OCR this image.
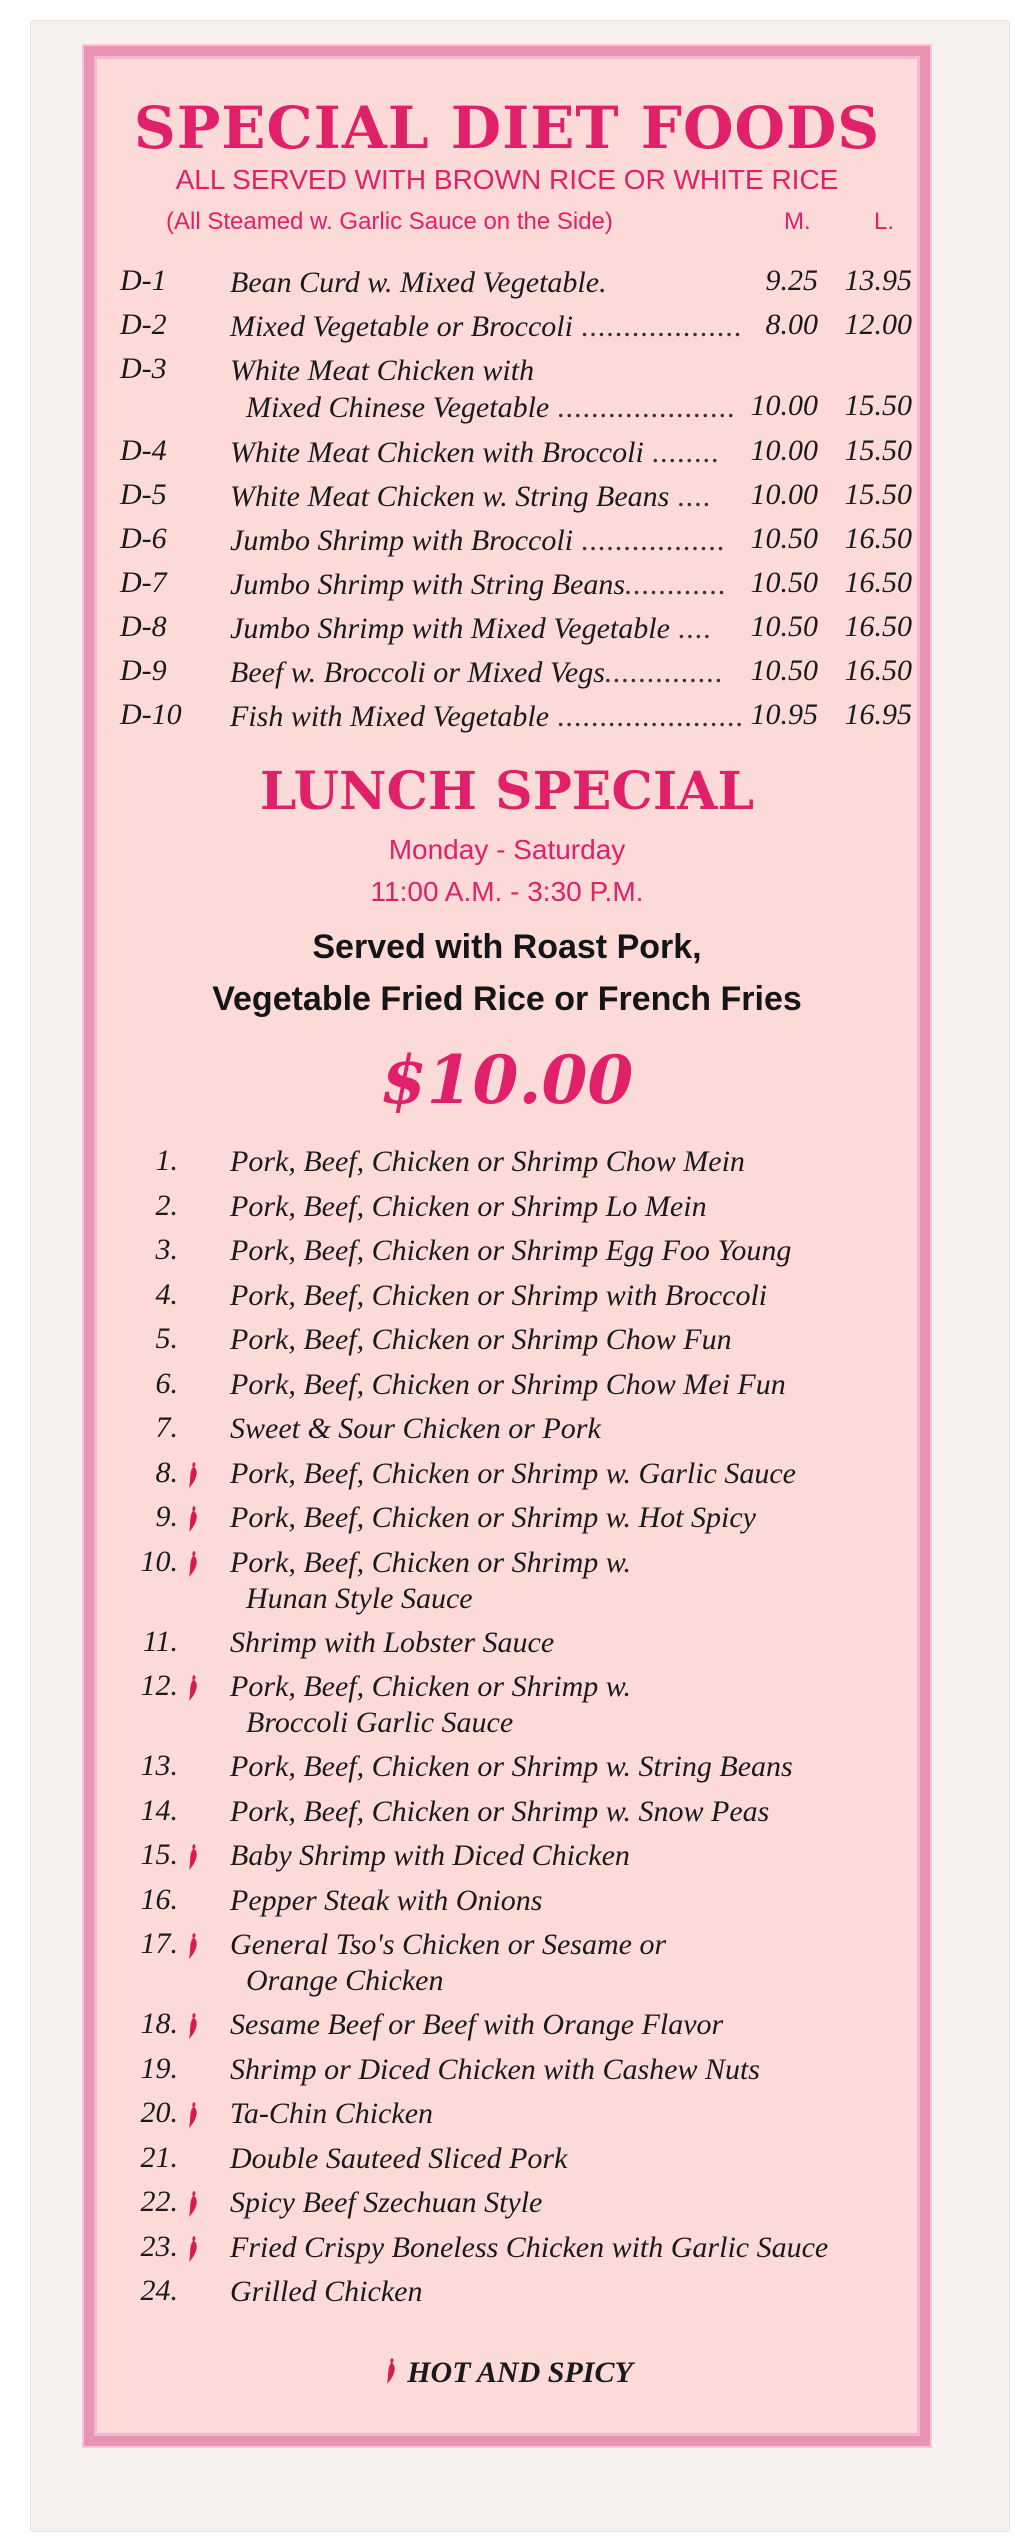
SPECIAL DIET FOODS
ALL SERVED WITH BROWN RICE OR WHITE RICE
(All Steamed w. Garlic Sauce on the Side)	M.	L.
D-1 Bean Curd w. Mixed Vegetable.	9.25 13.95
D-2 Mixed Vegetable or Broccoli ................... 8.00 12.00
D-3 White Meat Chicken with
Mixed Chinese Vegetable ..................... 10.00 15.50
D-4 White Meat Chicken with Broccoli ........	10.00 15.50
D-5 White Meat Chicken w. String Beans ....	10.00 15.50
D-6 Jumbo Shrimp with Broccoli ................. 10.50 16.50
D-7 Jumbo Shrimp with String Beans............ 10.50 16.50
D-8 Jumbo Shrimp with Mixed Vegetable ....	10.50 16.50
D-9 Beef w. Broccoli or Mixed Vegs.............. 10.50 16.50
D-10 Fish with Mixed Vegetable ...................... 10.95 16.95
LUNCH SPECIAL
Monday - Saturday
11:00 A.M. - 3:30 P.M.
Served with Roast Pork,
Vegetable Fried Rice or French Fries
$10.00
1. Pork, Beef, Chicken or Shrimp Chow Mein
2. Pork, Beef, Chicken or Shrimp Lo Mein
3. Pork, Beef, Chicken or Shrimp Egg Foo Young
4. Pork, Beef, Chicken or Shrimp with Broccoli
5. Pork, Beef, Chicken or Shrimp Chow Fun
6. Pork, Beef, Chicken or Shrimp Chow Mei Fun
7. Sweet & Sour Chicken or Pork
8. Pork, Beef, Chicken or Shrimp w. Garlic Sauce
9. Pork, Beef, Chicken or Shrimp w. Hot Spicy
10. Pork, Beef, Chicken or Shrimp w.
Hunan Style Sauce
11. Shrimp with Lobster Sauce
12. Pork, Beef, Chicken or Shrimp w.
Broccoli Garlic Sauce
13. Pork, Beef, Chicken or Shrimp w. String Beans
14. Pork, Beef, Chicken or Shrimp w. Snow Peas
15. Baby Shrimp with Diced Chicken
16. Pepper Steak with Onions
17. General Tso's Chicken or Sesame or
Orange Chicken
18. Sesame Beef or Beef with Orange Flavor
19. Shrimp or Diced Chicken with Cashew Nuts
20. Ta-Chin Chicken
21. Double Sauteed Sliced Pork
22. Spicy Beef Szechuan Style
23. Fried Crispy Boneless Chicken with Garlic Sauce
24. Grilled Chicken
HOT AND SPICY
